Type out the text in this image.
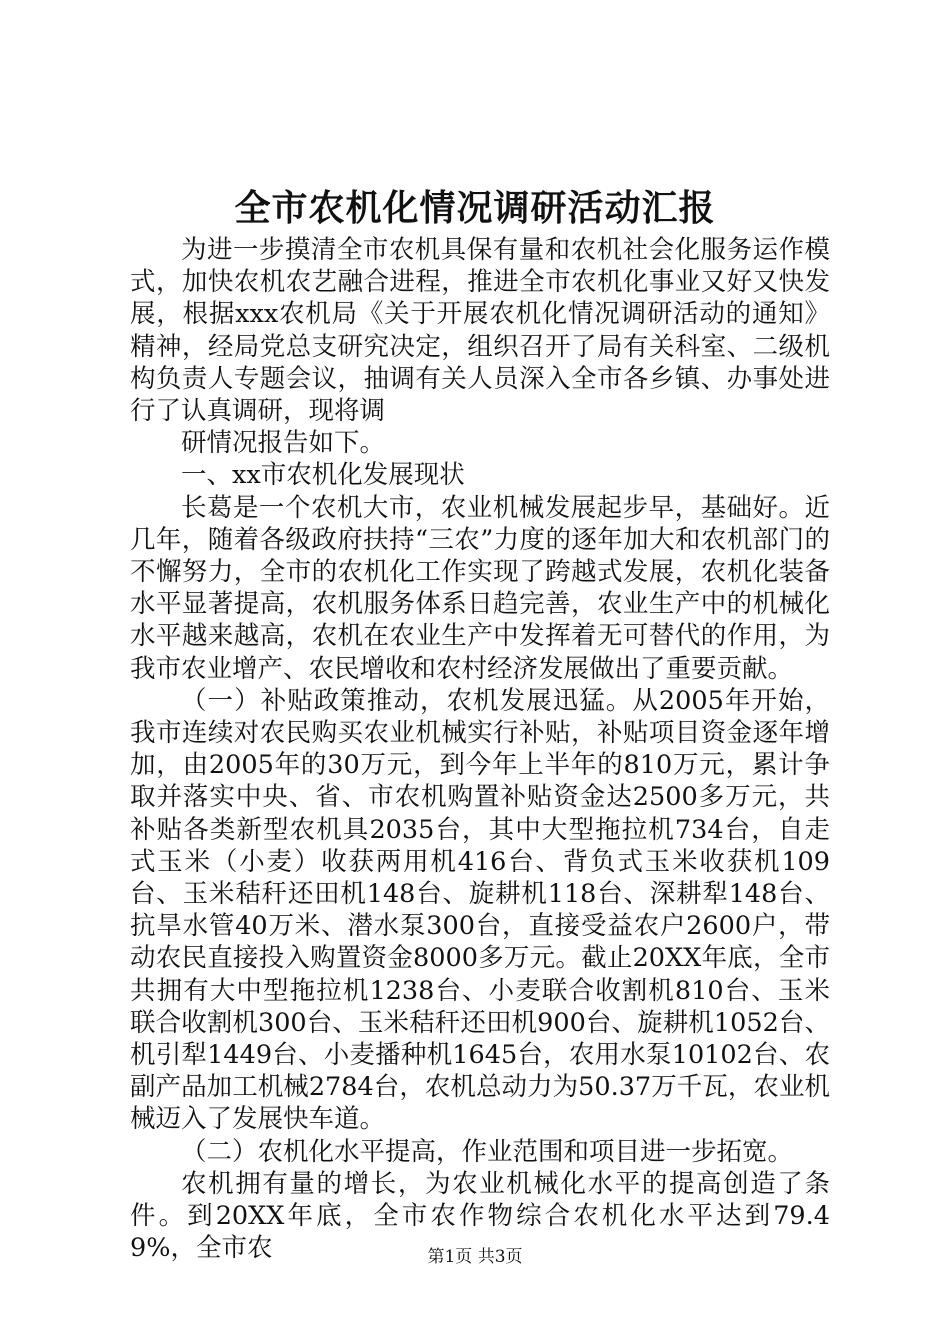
全市农机化情况调研活动汇报

为进一步摸清全市农机具保有量和农机社会化服务运作模式，加快农机农艺融合进程，推进全市农机化事业又好又快发展，根据xxx农机局《关于开展农机化情况调研活动的通知》精神，经局党总支研究决定，组织召开了局有关科室、二级机构负责人专题会议，抽调有关人员深入全市各乡镇、办事处进行了认真调研，现将调

研情况报告如下。

一、xx市农机化发展现状

长葛是一个农机大市，农业机械发展起步早，基础好。近几年，随着各级政府扶持“三农”力度的逐年加大和农机部门的不懈努力，全市的农机化工作实现了跨越式发展，农机化装备水平显著提高，农机服务体系日趋完善，农业生产中的机械化水平越来越高，农机在农业生产中发挥着无可替代的作用，为我市农业增产、农民增收和农村经济发展做出了重要贡献。

（一）补贴政策推动，农机发展迅猛。从2005年开始，我市连续对农民购买农业机械实行补贴，补贴项目资金逐年增加，由2005年的30万元，到今年上半年的810万元，累计争取并落实中央、省、市农机购置补贴资金达2500多万元，共补贴各类新型农机具2035台，其中大型拖拉机734台，自走式玉米（小麦）收获两用机416台、背负式玉米收获机109台、玉米秸秆还田机148台、旋耕机118台、深耕犁148台、抗旱水管40万米、潜水泵300台，直接受益农户2600户，带动农民直接投入购置资金8000多万元。截止20XX年底，全市共拥有大中型拖拉机1238台、小麦联合收割机810台、玉米联合收割机300台、玉米秸秆还田机900台、旋耕机1052台、机引犁1449台、小麦播种机1645台，农用水泵10102台、农副产品加工机械2784台，农机总动力为50.37万千瓦，农业机械迈入了发展快车道。

（二）农机化水平提高，作业范围和项目进一步拓宽。

农机拥有量的增长，为农业机械化水平的提高创造了条件。到20XX年底，全市农作物综合农机化水平达到79.49%，全市农	第1页 共3页
